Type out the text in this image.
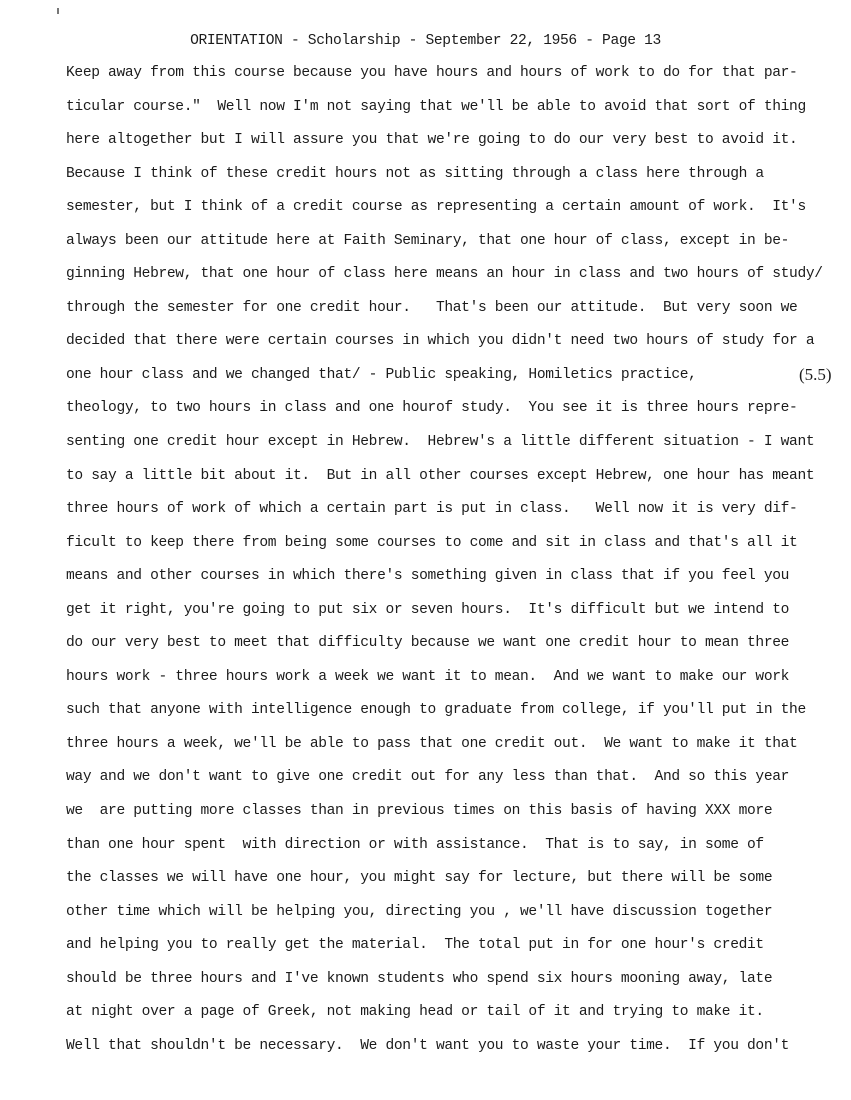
ORIENTATION - Scholarship - September 22, 1956 - Page 13
Keep away from this course because you have hours and hours of work to do for that par-
ticular course."  Well now I'm not saying that we'll be able to avoid that sort of thing
here altogether but I will assure you that we're going to do our very best to avoid it.
Because I think of these credit hours not as sitting through a class here through a
semester, but I think of a credit course as representing a certain amount of work.  It's
always been our attitude here at Faith Seminary, that one hour of class, except in be-
ginning Hebrew, that one hour of class here means an hour in class and two hours of study/
through the semester for one credit hour.   That's been our attitude.  But very soon we
decided that there were certain courses in which you didn't need two hours of study for a
one hour class and we changed that/ - Public speaking, Homiletics practice,
theology, to two hours in class and one hourof study.  You see it is three hours repre-
senting one credit hour except in Hebrew.  Hebrew's a little different situation - I want
to say a little bit about it.  But in all other courses except Hebrew, one hour has meant
three hours of work of which a certain part is put in class.   Well now it is very dif-
ficult to keep there from being some courses to come and sit in class and that's all it
means and other courses in which there's something given in class that if you feel you
get it right, you're going to put six or seven hours.  It's difficult but we intend to
do our very best to meet that difficulty because we want one credit hour to mean three
hours work - three hours work a week we want it to mean.  And we want to make our work
such that anyone with intelligence enough to graduate from college, if you'll put in the
three hours a week, we'll be able to pass that one credit out.  We want to make it that
way and we don't want to give one credit out for any less than that.  And so this year
we  are putting more classes than in previous times on this basis of having XXX more
than one hour spent  with direction or with assistance.  That is to say, in some of
the classes we will have one hour, you might say for lecture, but there will be some
other time which will be helping you, directing you , we'll have discussion together
and helping you to really get the material.  The total put in for one hour's credit
should be three hours and I've known students who spend six hours mooning away, late
at night over a page of Greek, not making head or tail of it and trying to make it.
Well that shouldn't be necessary.  We don't want you to waste your time.  If you don't
(5.5)
